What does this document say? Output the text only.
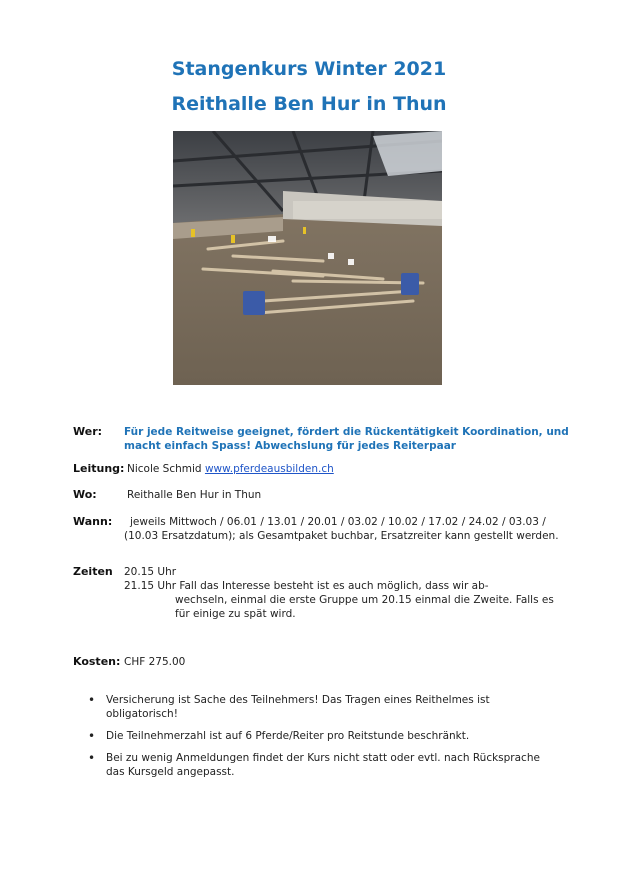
Stangenkurs Winter 2021
Reithalle Ben Hur in Thun
Wer: Für jede Reitweise geeignet, fördert die Rückentätigkeit Koordination, und
macht einfach Spass! Abwechslung für jedes Reiterpaar
Leitung: Nicole Schmid www.pferdeausbilden.ch
Wo:	Reithalle Ben Hur in Thun
Wann: jeweils Mittwoch / 06.01 / 13.01 / 20.01 / 03.02 / 10.02 / 17.02 / 24.02 / 03.03 /
(10.03 Ersatzdatum); als Gesamtpaket buchbar, Ersatzreiter kann gestellt werden.
Zeiten 20.15 Uhr
21.15 Uhr Fall das Interesse besteht ist es auch möglich, dass wir ab-
wechseln, einmal die erste Gruppe um 20.15 einmal die Zweite. Falls es
für einige zu spät wird.
Kosten: CHF 275.00
• Versicherung ist Sache des Teilnehmers! Das Tragen eines Reithelmes ist
obligatorisch!
• Die Teilnehmerzahl ist auf 6 Pferde/Reiter pro Reitstunde beschränkt.
• Bei zu wenig Anmeldungen findet der Kurs nicht statt oder evtl. nach Rücksprache
das Kursgeld angepasst.
